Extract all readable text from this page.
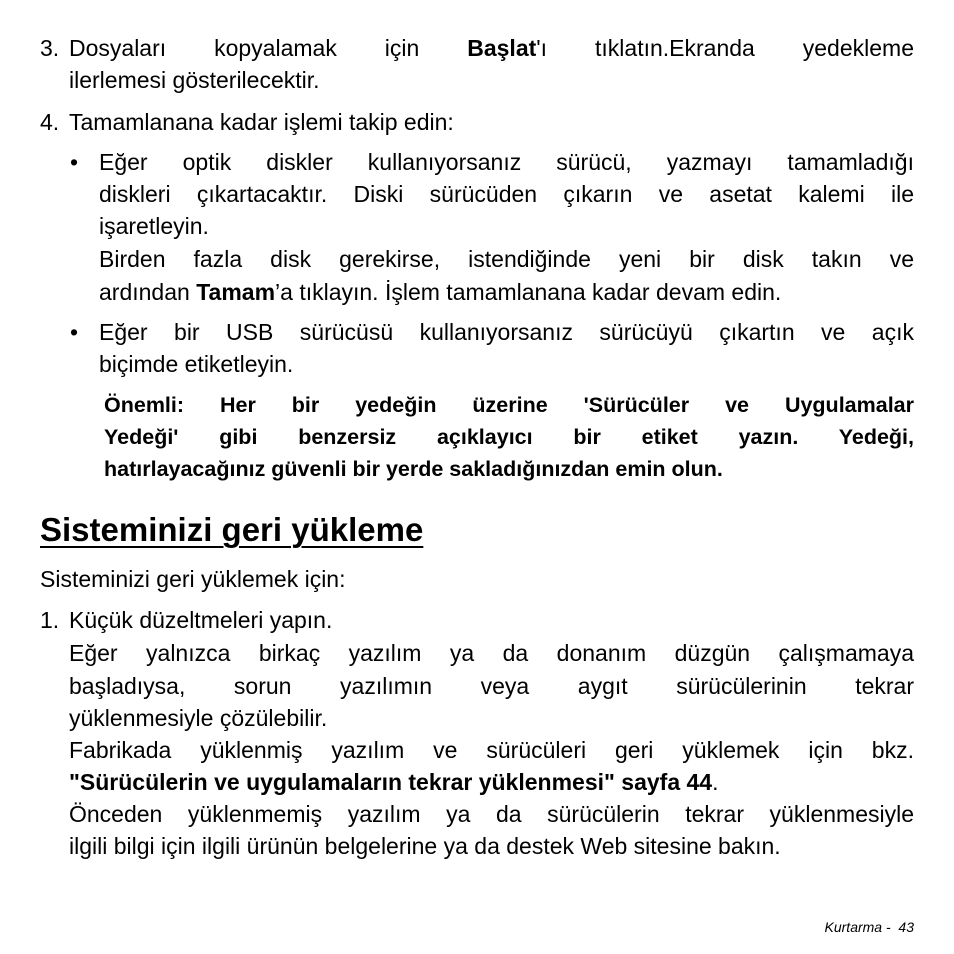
3. Dosyaları kopyalamak için Başlat'ı tıklatın.Ekranda yedekleme
ilerlemesi gösterilecektir.
4. Tamamlanana kadar işlemi takip edin:
• Eğer optik diskler kullanıyorsanız sürücü, yazmayı tamamladığı
diskleri çıkartacaktır. Diski sürücüden çıkarın ve asetat kalemi ile
işaretleyin.
Birden fazla disk gerekirse, istendiğinde yeni bir disk takın ve
ardından Tamam’a tıklayın. İşlem tamamlanana kadar devam edin.
• Eğer bir USB sürücüsü kullanıyorsanız sürücüyü çıkartın ve açık
biçimde etiketleyin.
Önemli: Her bir yedeğin üzerine 'Sürücüler ve Uygulamalar
Yedeği' gibi benzersiz açıklayıcı bir etiket yazın. Yedeği,
hatırlayacağınız güvenli bir yerde sakladığınızdan emin olun.
Sisteminizi geri yükleme
Sisteminizi geri yüklemek için:
1. Küçük düzeltmeleri yapın.
Eğer yalnızca birkaç yazılım ya da donanım düzgün çalışmamaya
başladıysa, sorun yazılımın veya aygıt sürücülerinin tekrar
yüklenmesiyle çözülebilir.
Fabrikada yüklenmiş yazılım ve sürücüleri geri yüklemek için bkz.
"Sürücülerin ve uygulamaların tekrar yüklenmesi" sayfa 44.
Önceden yüklenmemiş yazılım ya da sürücülerin tekrar yüklenmesiyle
ilgili bilgi için ilgili ürünün belgelerine ya da destek Web sitesine bakın.
Kurtarma - 43
